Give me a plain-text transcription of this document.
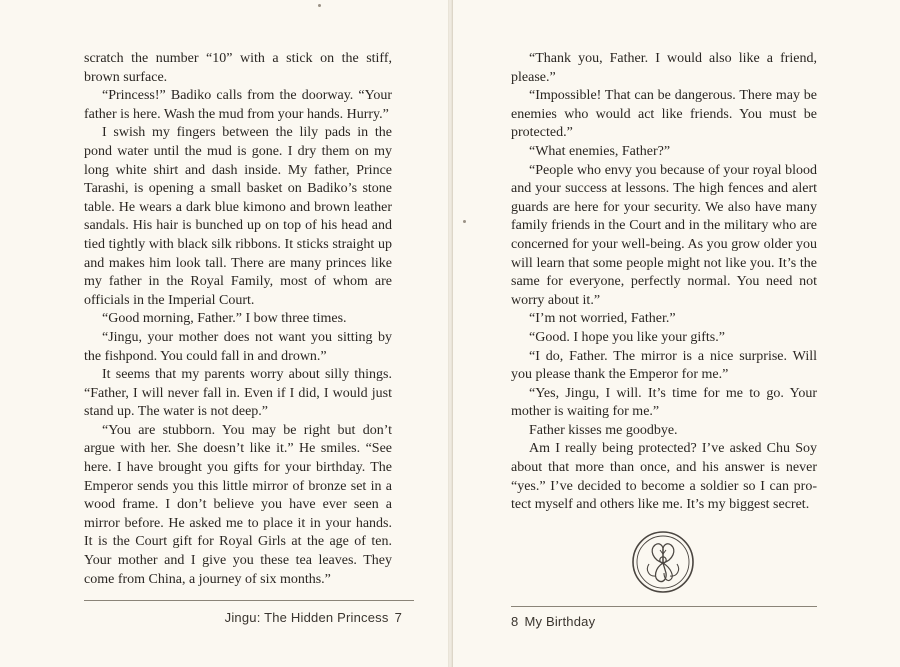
scratch the number “10” with a stick on the stiff, brown surface.

“Princess!” Badiko calls from the doorway. “Your father is here. Wash the mud from your hands. Hurry.”

I swish my fingers between the lily pads in the pond water until the mud is gone. I dry them on my long white shirt and dash inside. My father, Prince Tarashi, is opening a small basket on Badiko’s stone table. He wears a dark blue kimono and brown leather sandals. His hair is bunched up on top of his head and tied tightly with black silk ribbons. It sticks straight up and makes him look tall. There are many princes like my father in the Royal Family, most of whom are officials in the Imperial Court.

“Good morning, Father.” I bow three times.

“Jingu, your mother does not want you sitting by the fishpond. You could fall in and drown.”

It seems that my parents worry about silly things. “Father, I will never fall in. Even if I did, I would just stand up. The water is not deep.”

“You are stubborn. You may be right but don’t argue with her. She doesn’t like it.” He smiles. “See here. I have brought you gifts for your birthday. The Emperor sends you this little mirror of bronze set in a wood frame. I don’t believe you have ever seen a mirror before. He asked me to place it in your hands. It is the Court gift for Royal Girls at the age of ten. Your mother and I give you these tea leaves. They come from China, a journey of six months.”

Jingu: The Hidden Princess 7

“Thank you, Father. I would also like a friend, please.”

“Impossible! That can be dangerous. There may be enemies who would act like friends. You must be protected.”

“What enemies, Father?”

“People who envy you because of your royal blood and your success at lessons. The high fences and alert guards are here for your security. We also have many family friends in the Court and in the military who are concerned for your well-being. As you grow older you will learn that some people might not like you. It’s the same for everyone, perfectly normal. You need not worry about it.”

“I’m not worried, Father.”

“Good. I hope you like your gifts.”

“I do, Father. The mirror is a nice surprise. Will you please thank the Emperor for me.”

“Yes, Jingu, I will. It’s time for me to go. Your mother is waiting for me.”

Father kisses me goodbye.

Am I really being protected? I’ve asked Chu Soy about that more than once, and his answer is never “yes.” I’ve decided to become a soldier so I can protect myself and others like me. It’s my biggest secret.

8 My Birthday
